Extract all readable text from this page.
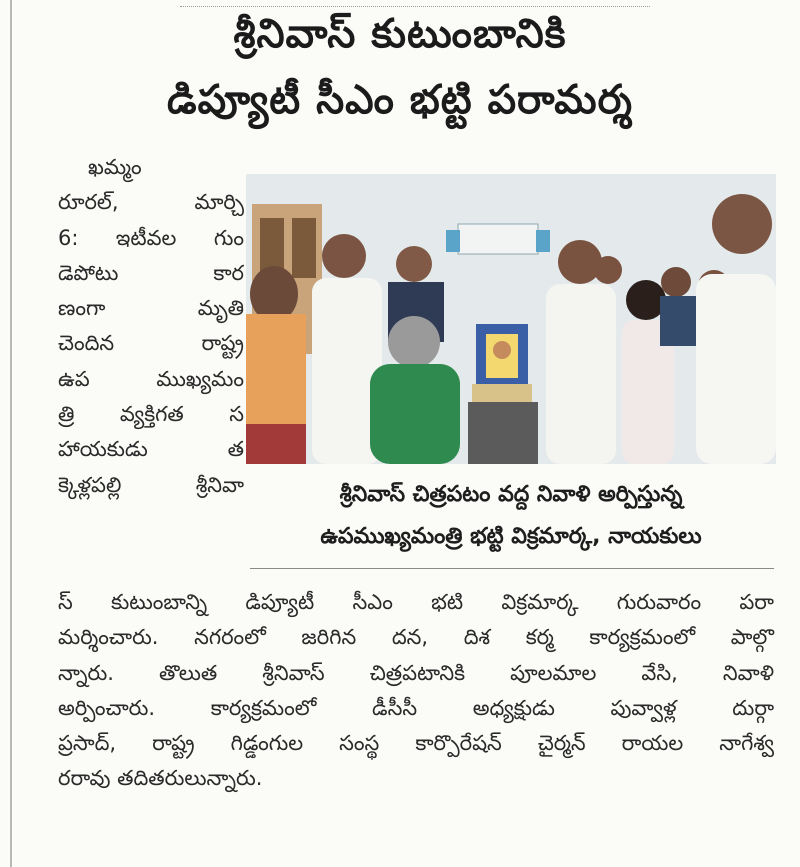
శ్రీనివాస్ కుటుంబానికి
డిప్యూటీ సీఎం భట్టి పరామర్శ
ఖమ్మం
రూరల్, మార్చి
6: ఇటీవల గుం
డెపోటు కార
ణంగా మృతి
చెందిన రాష్ట్ర
ఉప ముఖ్యమం
త్రి వ్యక్తిగత స
హాయకుడు త
క్కెళ్లపల్లి శ్రీనివా	శ్రీనివాస్ చిత్రపటం వద్ద నివాళి అర్పిస్తున్న
ఉపముఖ్యమంత్రి భట్టి విక్రమార్క, నాయకులు
స్ కుటుంబాన్ని డిప్యూటీ సీఎం భటి విక్రమార్క గురువారం పరా
మర్శించారు. నగరంలో జరిగిన దన, దిశ కర్మ కార్యక్రమంలో పాల్గొ
న్నారు. తొలుత శ్రీనివాస్ చిత్రపటానికి పూలమాల వేసి, నివాళి
అర్పించారు. కార్యక్రమంలో డీసీసీ అధ్యక్షుడు పువ్వాళ్ల దుర్గా
ప్రసాద్, రాష్ట్ర గిడ్డంగుల సంస్థ కార్పొరేషన్ చైర్మన్ రాయల నాగేశ్వ
రరావు తదితరులున్నారు.
